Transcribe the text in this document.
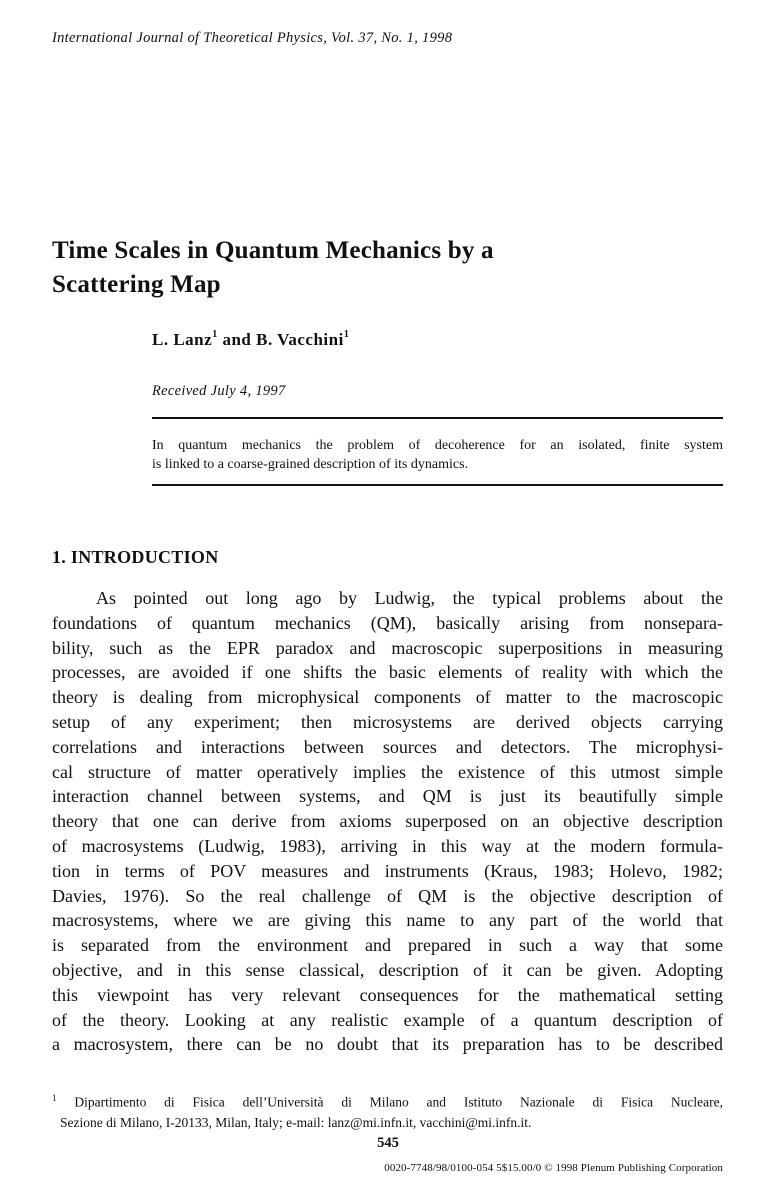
International Journal of Theoretical Physics, Vol. 37, No. 1, 1998
Time Scales in Quantum Mechanics by a
Scattering Map
L. Lanz$^1$ and B. Vacchini$^1$
Received July 4, 1997
In quantum mechanics the problem of decoherence for an isolated, finite system
is linked to a coarse-grained description of its dynamics.
1. INTRODUCTION
As pointed out long ago by Ludwig, the typical problems about the
foundations of quantum mechanics (QM), basically arising from nonsepara-
bility, such as the EPR paradox and macroscopic superpositions in measuring
processes, are avoided if one shifts the basic elements of reality with which the
theory is dealing from microphysical components of matter to the macroscopic
setup of any experiment; then microsystems are derived objects carrying
correlations and interactions between sources and detectors. The microphysi-
cal structure of matter operatively implies the existence of this utmost simple
interaction channel between systems, and QM is just its beautifully simple
theory that one can derive from axioms superposed on an objective description
of macrosystems (Ludwig, 1983), arriving in this way at the modern formula-
tion in terms of POV measures and instruments (Kraus, 1983; Holevo, 1982;
Davies, 1976). So the real challenge of QM is the objective description of
macrosystems, where we are giving this name to any part of the world that
is separated from the environment and prepared in such a way that some
objective, and in this sense classical, description of it can be given. Adopting
this viewpoint has very relevant consequences for the mathematical setting
of the theory. Looking at any realistic example of a quantum description of
a macrosystem, there can be no doubt that its preparation has to be described
$^1$ Dipartimento di Fisica dell’Università di Milano and Istituto Nazionale di Fisica Nucleare,
Sezione di Milano, I-20133, Milan, Italy; e-mail: lanz@mi.infn.it, vacchini@mi.infn.it.
545
0020-7748/98/0100-054 5$15.00/0 © 1998 Plenum Publishing Corporation
